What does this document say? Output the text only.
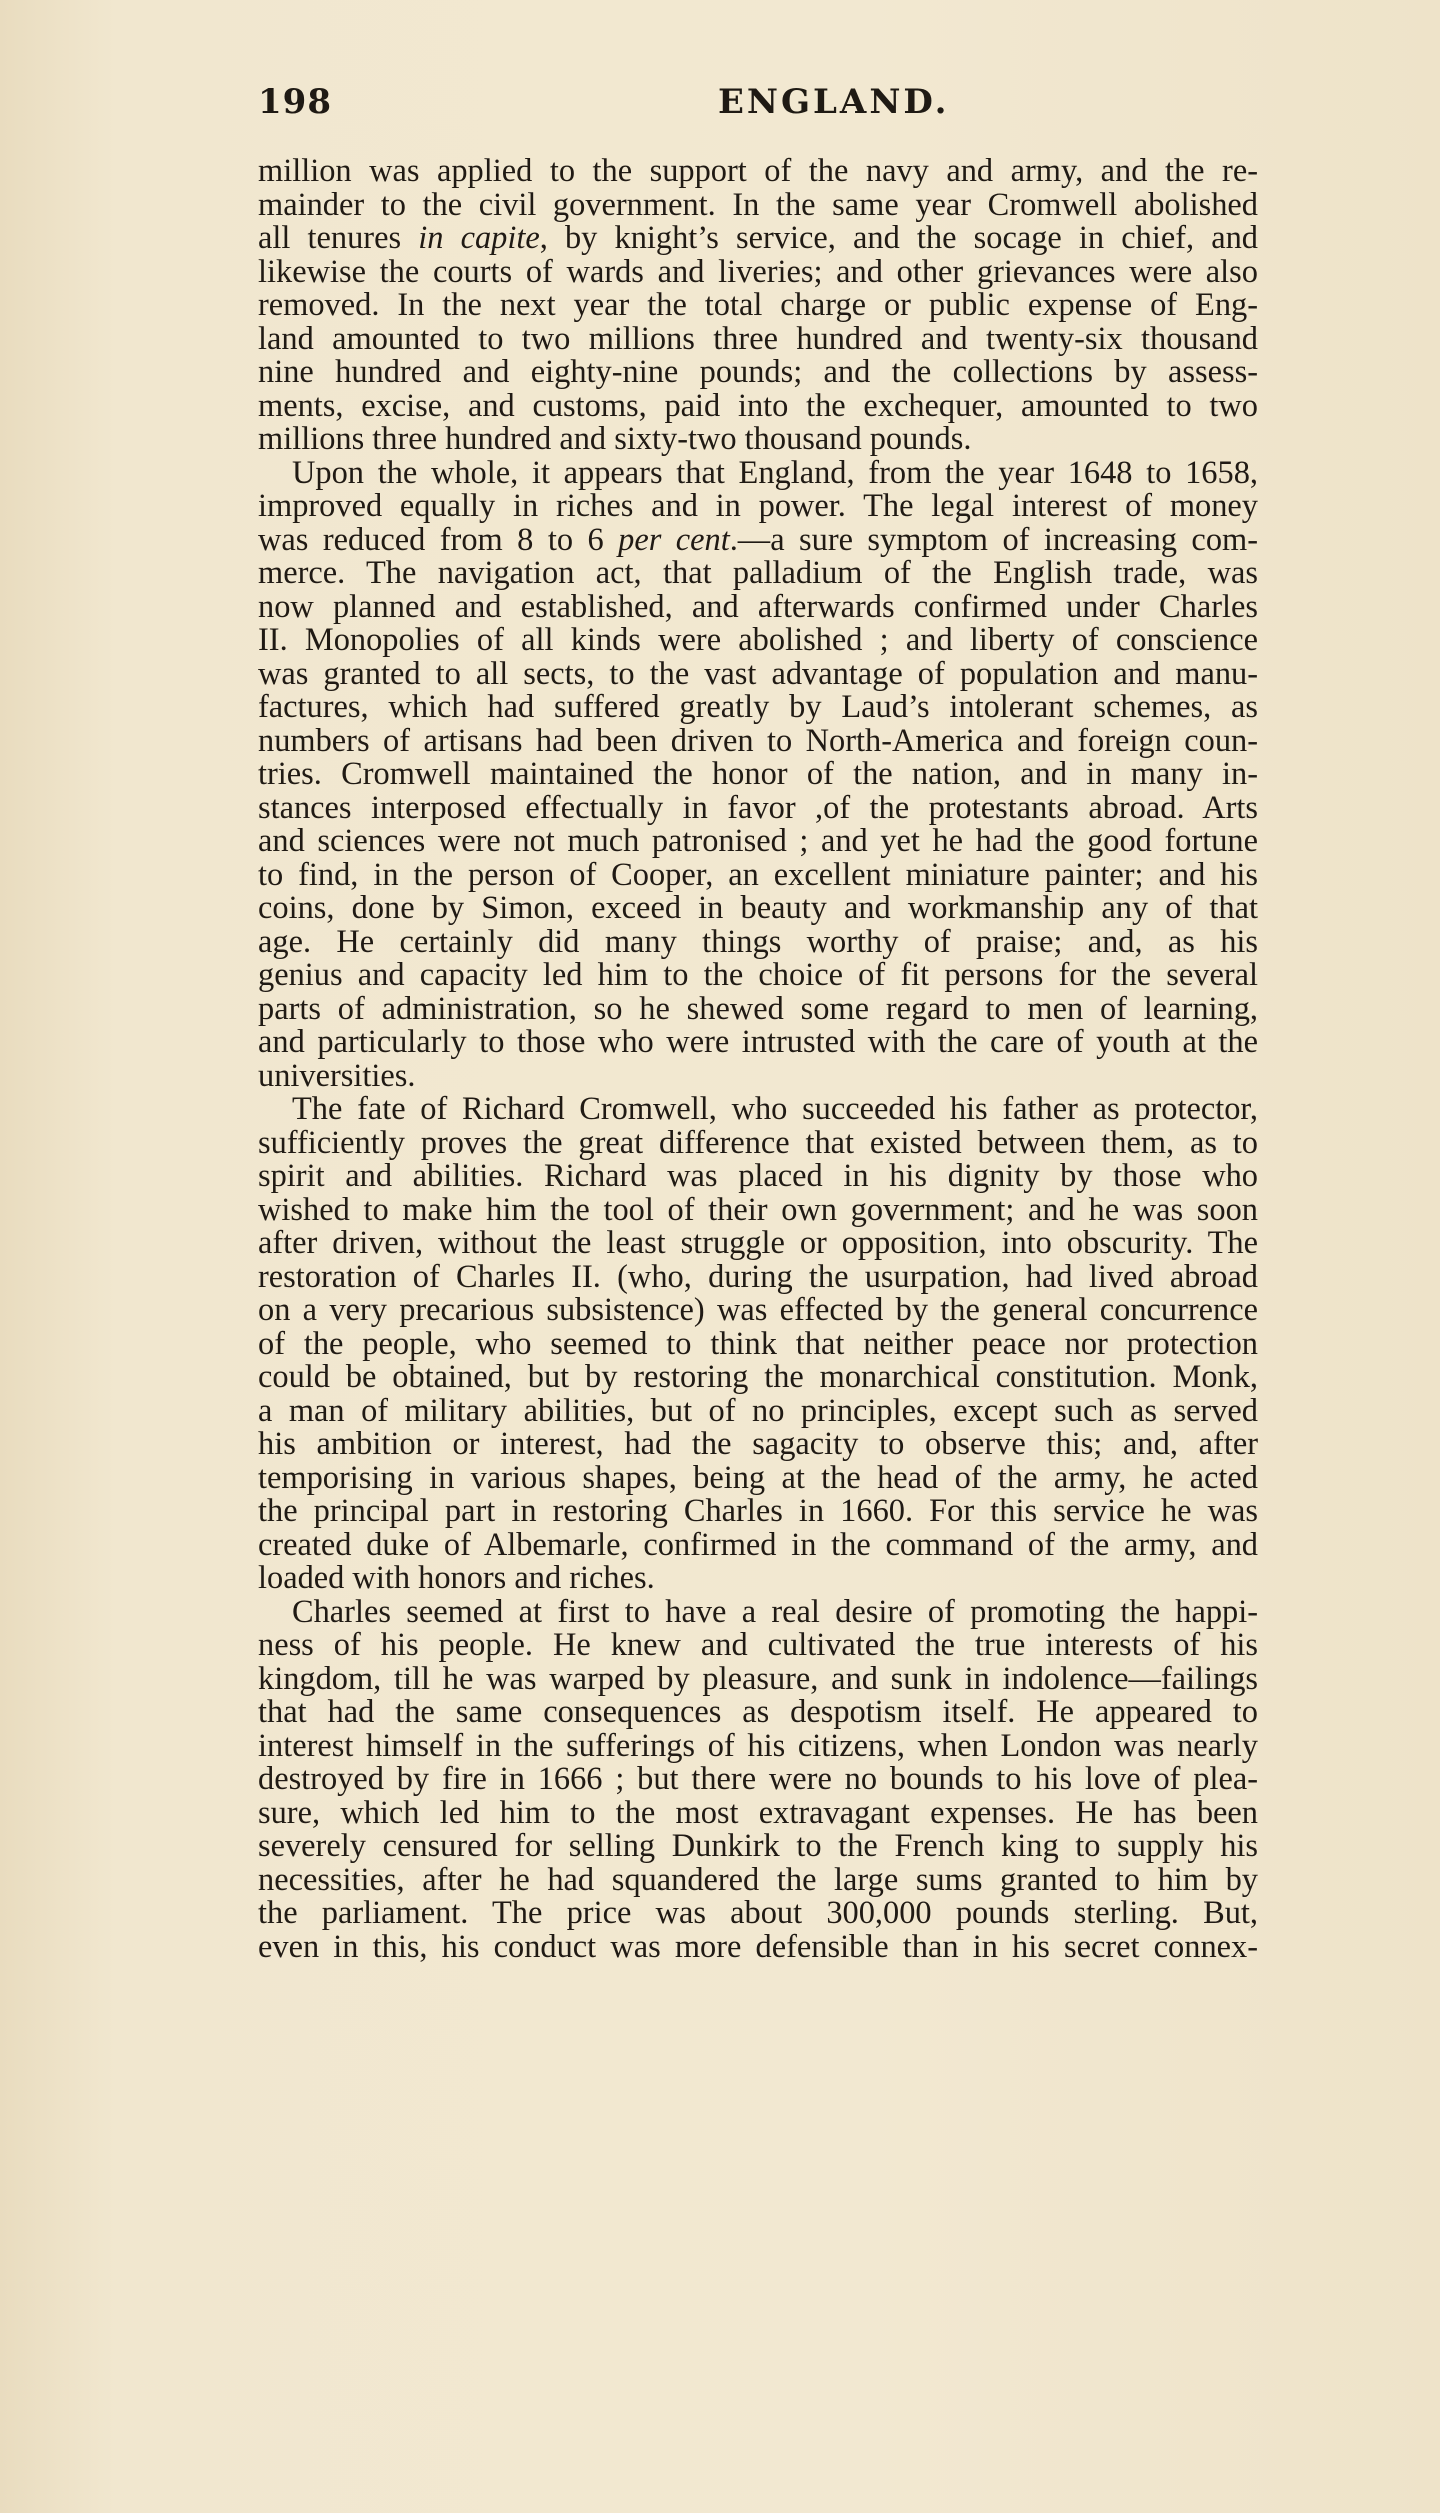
198	ENGLAND.
million was applied to the support of the navy and army, and the re-
mainder to the civil government. In the same year Cromwell abolished
all tenures in capite, by knight’s service, and the socage in chief, and
likewise the courts of wards and liveries; and other grievances were also
removed. In the next year the total charge or public expense of Eng-
land amounted to two millions three hundred and twenty-six thousand
nine hundred and eighty-nine pounds; and the collections by assess-
ments, excise, and customs, paid into the exchequer, amounted to two
millions three hundred and sixty-two thousand pounds.
Upon the whole, it appears that England, from the year 1648 to 1658,
improved equally in riches and in power. The legal interest of money
was reduced from 8 to 6 per cent.—a sure symptom of increasing com-
merce. The navigation act, that palladium of the English trade, was
now planned and established, and afterwards confirmed under Charles
II. Monopolies of all kinds were abolished ; and liberty of conscience
was granted to all sects, to the vast advantage of population and manu-
factures, which had suffered greatly by Laud’s intolerant schemes, as
numbers of artisans had been driven to North-America and foreign coun-
tries. Cromwell maintained the honor of the nation, and in many in-
stances interposed effectually in favor ,of the protestants abroad. Arts
and sciences were not much patronised ; and yet he had the good fortune
to find, in the person of Cooper, an excellent miniature painter; and his
coins, done by Simon, exceed in beauty and workmanship any of that
age. He certainly did many things worthy of praise; and, as his
genius and capacity led him to the choice of fit persons for the several
parts of administration, so he shewed some regard to men of learning,
and particularly to those who were intrusted with the care of youth at the
universities.
The fate of Richard Cromwell, who succeeded his father as protector,
sufficiently proves the great difference that existed between them, as to
spirit and abilities. Richard was placed in his dignity by those who
wished to make him the tool of their own government; and he was soon
after driven, without the least struggle or opposition, into obscurity. The
restoration of Charles II. (who, during the usurpation, had lived abroad
on a very precarious subsistence) was effected by the general concurrence
of the people, who seemed to think that neither peace nor protection
could be obtained, but by restoring the monarchical constitution. Monk,
a man of military abilities, but of no principles, except such as served
his ambition or interest, had the sagacity to observe this; and, after
temporising in various shapes, being at the head of the army, he acted
the principal part in restoring Charles in 1660. For this service he was
created duke of Albemarle, confirmed in the command of the army, and
loaded with honors and riches.
Charles seemed at first to have a real desire of promoting the happi-
ness of his people. He knew and cultivated the true interests of his
kingdom, till he was warped by pleasure, and sunk in indolence—failings
that had the same consequences as despotism itself. He appeared to
interest himself in the sufferings of his citizens, when London was nearly
destroyed by fire in 1666 ; but there were no bounds to his love of plea-
sure, which led him to the most extravagant expenses. He has been
severely censured for selling Dunkirk to the French king to supply his
necessities, after he had squandered the large sums granted to him by
the parliament. The price was about 300,000 pounds sterling. But,
even in this, his conduct was more defensible than in his secret connex-
